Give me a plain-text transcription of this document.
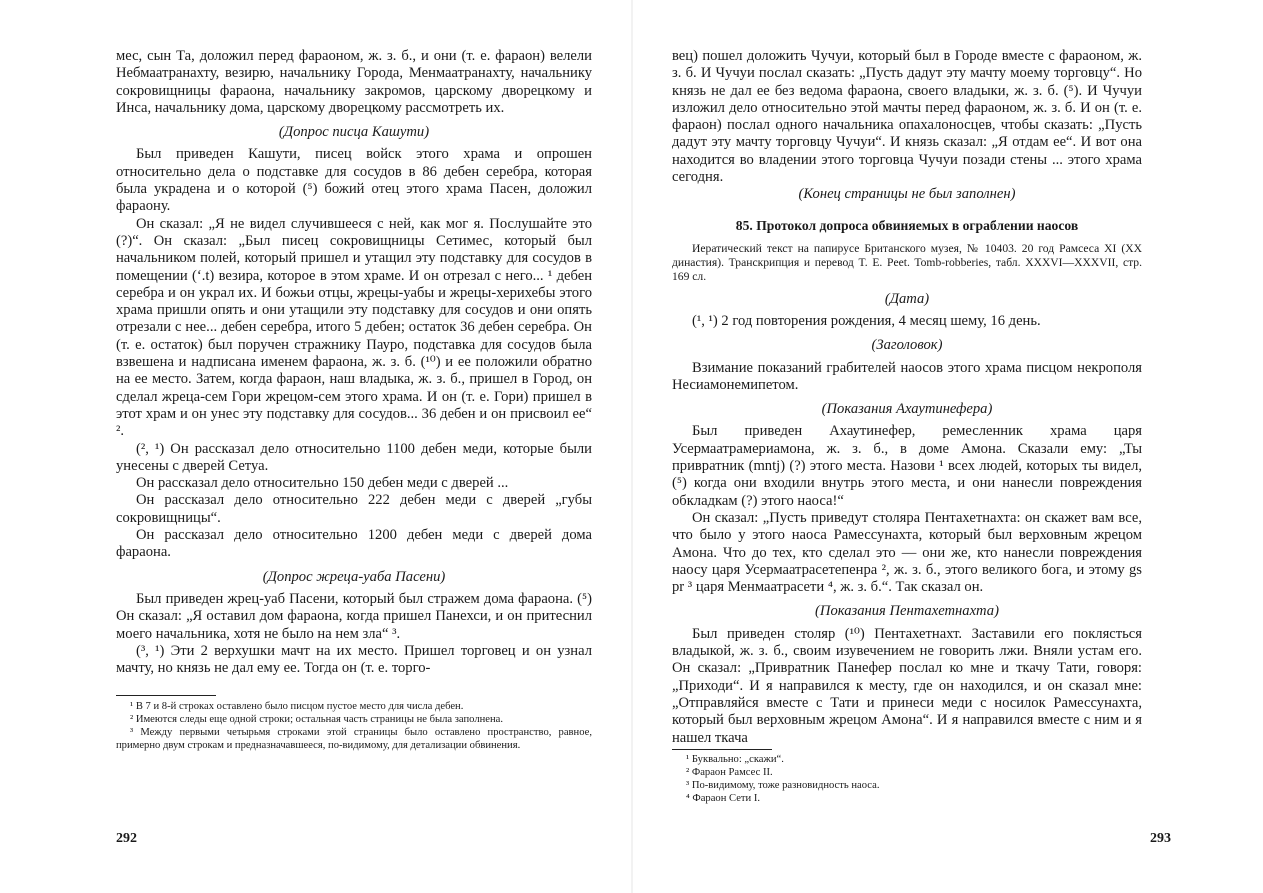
мес, сын Та, доложил перед фараоном, ж. з. б., и они (т. е. фараон) велели Небмаатранахту, везирю, начальнику Города, Менмаатранахту, начальнику сокровищницы фараона, начальнику закромов, царскому дворецкому и Инса, начальнику дома, царскому дворецкому рассмотреть их.

(Допрос писца Кашути)

Был приведен Кашути, писец войск этого храма и опрошен относительно дела о подставке для сосудов в 86 дебен серебра, которая была украдена и о которой (⁵) божий отец этого храма Пасен, доложил фараону.

Он сказал: „Я не видел случившееся с ней, как мог я. Послушайте это (?)“. Он сказал: „Был писец сокровищницы Сетимес, который был начальником полей, который пришел и утащил эту подставку для сосудов в помещении (‘.t) везира, которое в этом храме. И он отрезал с него... ¹ дебен серебра и он украл их. И божьи отцы, жрецы-уабы и жрецы-херихебы этого храма пришли опять и они утащили эту подставку для сосудов и они опять отрезали с нее... дебен серебра, итого 5 дебен; остаток 36 дебен серебра. Он (т. е. остаток) был поручен стражнику Пауро, подставка для сосудов была взвешена и надписана именем фараона, ж. з. б. (¹⁰) и ее положили обратно на ее место. Затем, когда фараон, наш владыка, ж. з. б., пришел в Город, он сделал жреца-сем Гори жрецом-сем этого храма. И он (т. е. Гори) пришел в этот храм и он унес эту подставку для сосудов... 36 дебен и он присвоил ее“ ².

(², ¹) Он рассказал дело относительно 1100 дебен меди, которые были унесены с дверей Сетуа.

Он рассказал дело относительно 150 дебен меди с дверей ...

Он рассказал дело относительно 222 дебен меди с дверей „губы сокровищницы“.

Он рассказал дело относительно 1200 дебен меди с дверей дома фараона.

(Допрос жреца-уаба Пасени)

Был приведен жрец-уаб Пасени, который был стражем дома фараона. (⁵) Он сказал: „Я оставил дом фараона, когда пришел Панехси, и он притеснил моего начальника, хотя не было на нем зла“ ³.

(³, ¹) Эти 2 верхушки мачт на их место. Пришел торговец и он узнал мачту, но князь не дал ему ее. Тогда он (т. е. торго-

¹ В 7 и 8-й строках оставлено было писцом пустое место для числа дебен.

² Имеются следы еще одной строки; остальная часть страницы не была заполнена.

³ Между первыми четырьмя строками этой страницы было оставлено пространство, равное, примерно двум строкам и предназначавшееся, по-видимому, для детализации обвинения.

292

вец) пошел доложить Чучуи, который был в Городе вместе с фараоном, ж. з. б. И Чучуи послал сказать: „Пусть дадут эту мачту моему торговцу“. Но князь не дал ее без ведома фараона, своего владыки, ж. з. б. (⁵). И Чучуи изложил дело относительно этой мачты перед фараоном, ж. з. б. И он (т. е. фараон) послал одного начальника опахалоносцев, чтобы сказать: „Пусть дадут эту мачту торговцу Чучуи“. И князь сказал: „Я отдам ее“. И вот она находится во владении этого торговца Чучуи позади стены ... этого храма сегодня.

(Конец страницы не был заполнен)

85. Протокол допроса обвиняемых в ограблении наосов

Иератический текст на папирусе Британского музея, № 10403. 20 год Рамсеса XI (XX династия). Транскрипция и перевод T. E. Peet. Tomb-robberies, табл. XXXVI—XXXVII, стр. 169 сл.

(Дата)

(¹, ¹) 2 год повторения рождения, 4 месяц шему, 16 день.

(Заголовок)

Взимание показаний грабителей наосов этого храма писцом некрополя Несиамонемипетом.

(Показания Ахаутинефера)

Был приведен Ахаутинефер, ремесленник храма царя Усермаатрамериамона, ж. з. б., в доме Амона. Сказали ему: „Ты привратник (mntj) (?) этого места. Назови ¹ всех людей, которых ты видел, (⁵) когда они входили внутрь этого места, и они нанесли повреждения обкладкам (?) этого наоса!“

Он сказал: „Пусть приведут столяра Пентахетнахта: он скажет вам все, что было у этого наоса Рамессунахта, который был верховным жрецом Амона. Что до тех, кто сделал это — они же, кто нанесли повреждения наосу царя Усермаатрасетепенра ², ж. з. б., этого великого бога, и этому gs pr ³ царя Менмаатрасети ⁴, ж. з. б.“. Так сказал он.

(Показания Пентахетнахта)

Был приведен столяр (¹⁰) Пентахетнахт. Заставили его поклясться владыкой, ж. з. б., своим изувечением не говорить лжи. Вняли устам его. Он сказал: „Привратник Панефер послал ко мне и ткачу Тати, говоря: „Приходи“. И я направился к месту, где он находился, и он сказал мне: „Отправляйся вместе с Тати и принеси меди с носилок Рамессунахта, который был верховным жрецом Амона“. И я направился вместе с ним и я нашел ткача

¹ Буквально: „скажи“.

² Фараон Рамсес II.

³ По-видимому, тоже разновидность наоса.

⁴ Фараон Сети I.

293
